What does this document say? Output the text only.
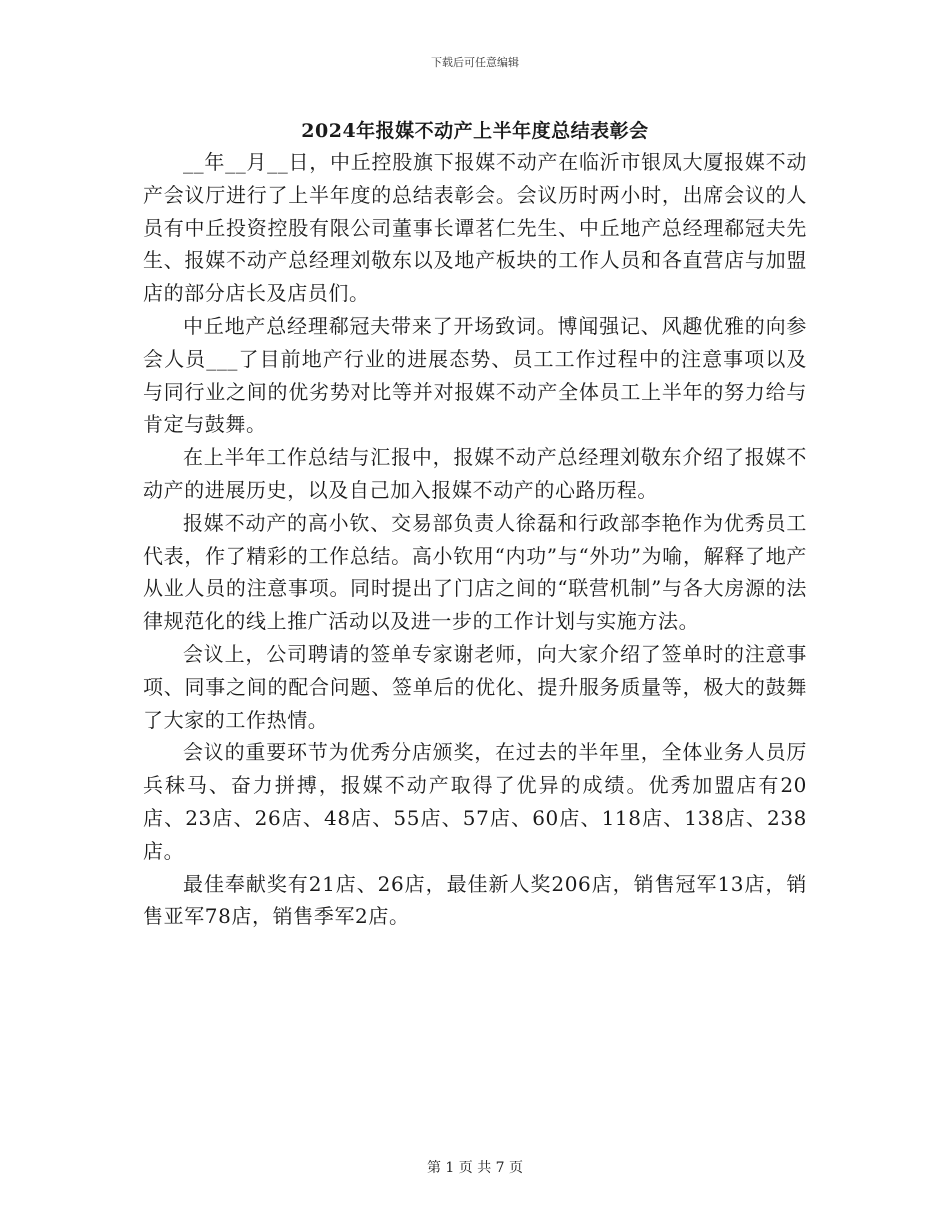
下载后可任意编辑
2024年报媒不动产上半年度总结表彰会

__年__月__日，中丘控股旗下报媒不动产在临沂市银凤大厦报媒不动产会议厅进行了上半年度的总结表彰会。会议历时两小时，出席会议的人员有中丘投资控股有限公司董事长谭茗仁先生、中丘地产总经理郗冠夫先生、报媒不动产总经理刘敬东以及地产板块的工作人员和各直营店与加盟店的部分店长及店员们。

中丘地产总经理郗冠夫带来了开场致词。博闻强记、风趣优雅的向参会人员___了目前地产行业的进展态势、员工工作过程中的注意事项以及与同行业之间的优劣势对比等并对报媒不动产全体员工上半年的努力给与肯定与鼓舞。

在上半年工作总结与汇报中，报媒不动产总经理刘敬东介绍了报媒不动产的进展历史，以及自己加入报媒不动产的心路历程。

报媒不动产的高小钦、交易部负责人徐磊和行政部李艳作为优秀员工代表，作了精彩的工作总结。高小钦用“内功”与“外功”为喻，解释了地产从业人员的注意事项。同时提出了门店之间的“联营机制”与各大房源的法律规范化的线上推广活动以及进一步的工作计划与实施方法。

会议上，公司聘请的签单专家谢老师，向大家介绍了签单时的注意事项、同事之间的配合问题、签单后的优化、提升服务质量等，极大的鼓舞了大家的工作热情。

会议的重要环节为优秀分店颁奖，在过去的半年里，全体业务人员厉兵秣马、奋力拼搏，报媒不动产取得了优异的成绩。优秀加盟店有20店、23店、26店、48店、55店、57店、60店、118店、138店、238店。

最佳奉献奖有21店、26店，最佳新人奖206店，销售冠军13店，销售亚军78店，销售季军2店。

第 1 页 共 7 页
